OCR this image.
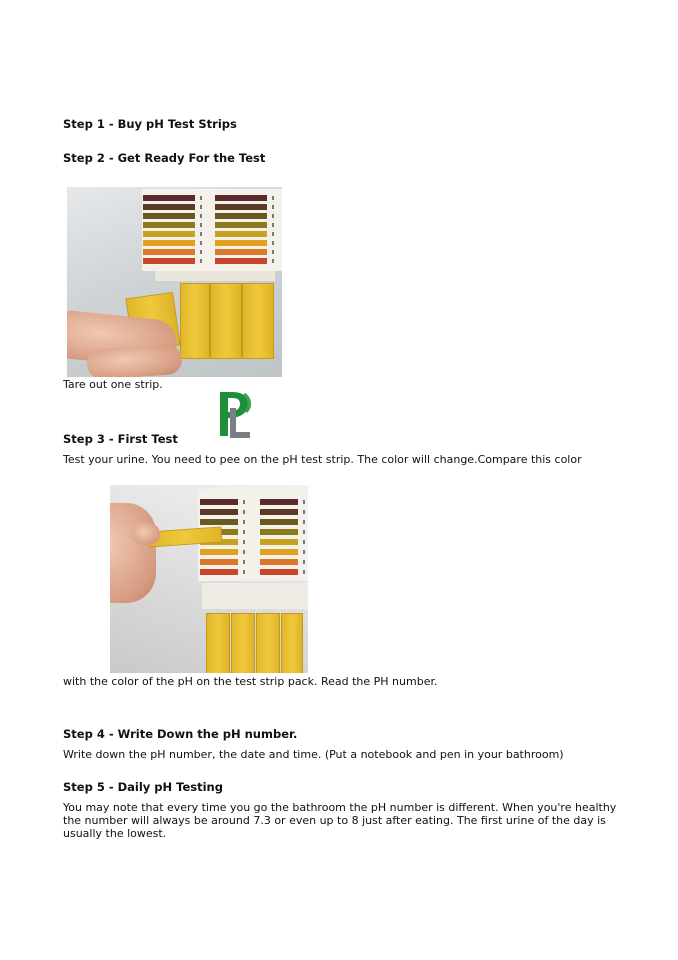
Step 1 - Buy pH Test Strips
Step 2 - Get Ready For the Test
Tare out one strip.
Step 3 - First Test
Test your urine. You need to pee on the pH test strip. The color will change.Compare this color
with the color of the pH on the test strip pack. Read the PH number.
Step 4 - Write Down the pH number.
Write down the pH number, the date and time. (Put a notebook and pen in your bathroom)
Step 5 - Daily pH Testing
You may note that every time you go the bathroom the pH number is different. When you're healthy the number will always be around 7.3 or even up to 8 just after eating. The first urine of the day is usually the lowest.
